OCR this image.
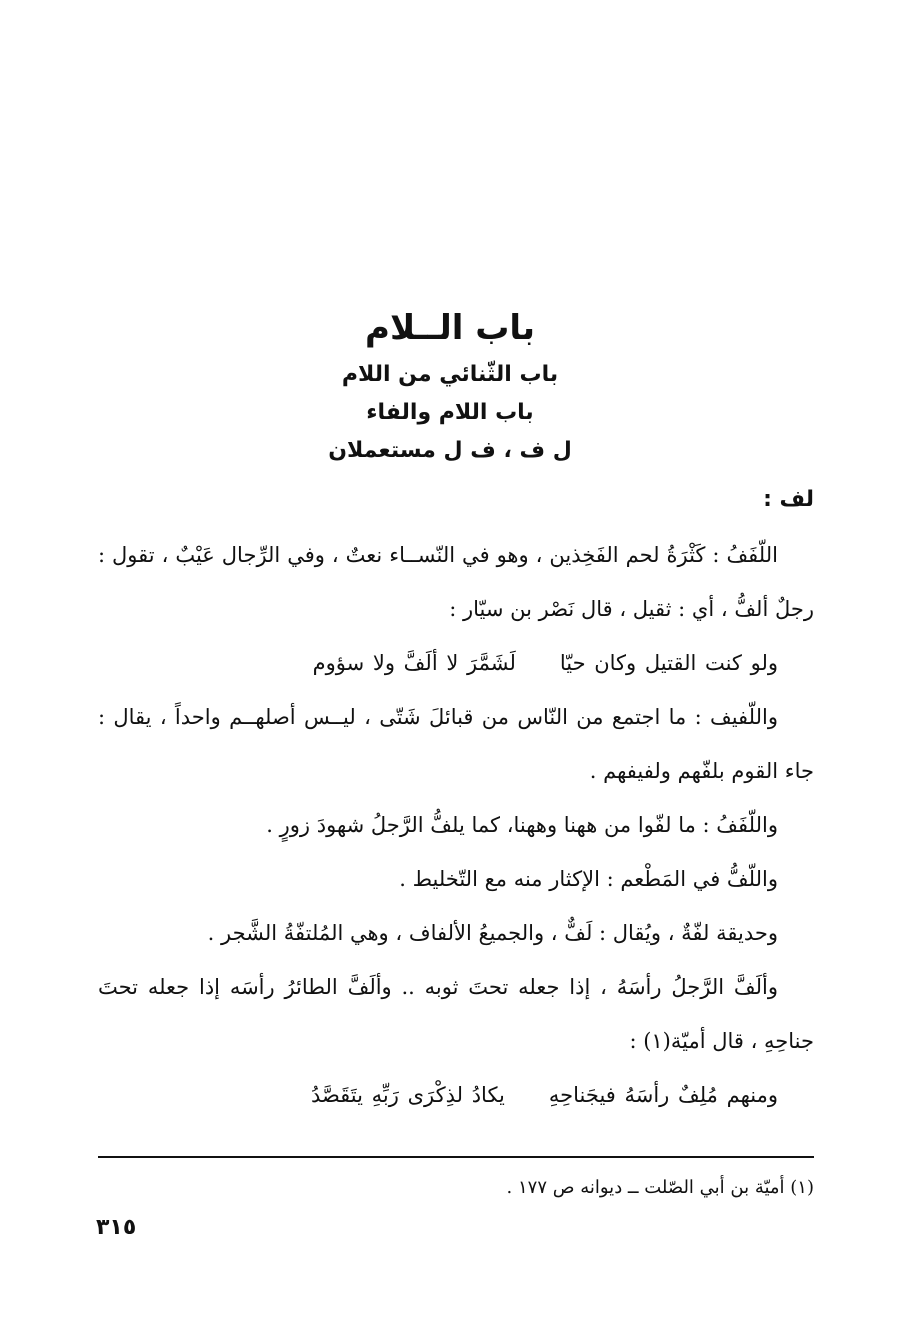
باب الــلام
باب الثّنائي من اللام
باب اللام والفاء
ل ف ، ف ل مستعملان
لف :

اللّفَفُ : كَثْرَةُ لحم الفَخِذين ، وهو في النّســاء نعتٌ ، وفي الرِّجال عَيْبٌ ، تقول : رجلٌ ألفُّ ، أي : ثقيل ، قال نَصْر بن سيّار :

ولو كنت القتيل وكان حيّالَشَمَّرَ لا ألَفَّ ولا سؤوم

واللّفيف : ما اجتمع من النّاس من قبائلَ شَتّى ، ليــس أصلهــم واحداً ، يقال : جاء القوم بلفّهم ولفيفهم .

واللّفَفُ : ما لفّوا من ههنا وههنا، كما يلفُّ الرَّجلُ شهودَ زورٍ .

واللّفُّ في المَطْعم : الإكثار منه مع التّخليط .

وحديقة لفّةٌ ، ويُقال : لَفٌّ ، والجميعُ الألفاف ، وهي المُلتفّةُ الشَّجر .

وألَفَّ الرَّجلُ رأسَهُ ، إذا جعله تحتَ ثوبه .. وألَفَّ الطائرُ رأسَه إذا جعله تحتَ جناحِهِ ، قال أميّة(١) :

ومنهم مُلِفٌ رأسَهُ فيجَناحِهِيكادُ لذِكْرَى رَبِّهِ يتَقَصَّدُ

(١) أميّة بن أبي الصّلت ــ ديوانه ص ١٧٧ .
٣١٥
